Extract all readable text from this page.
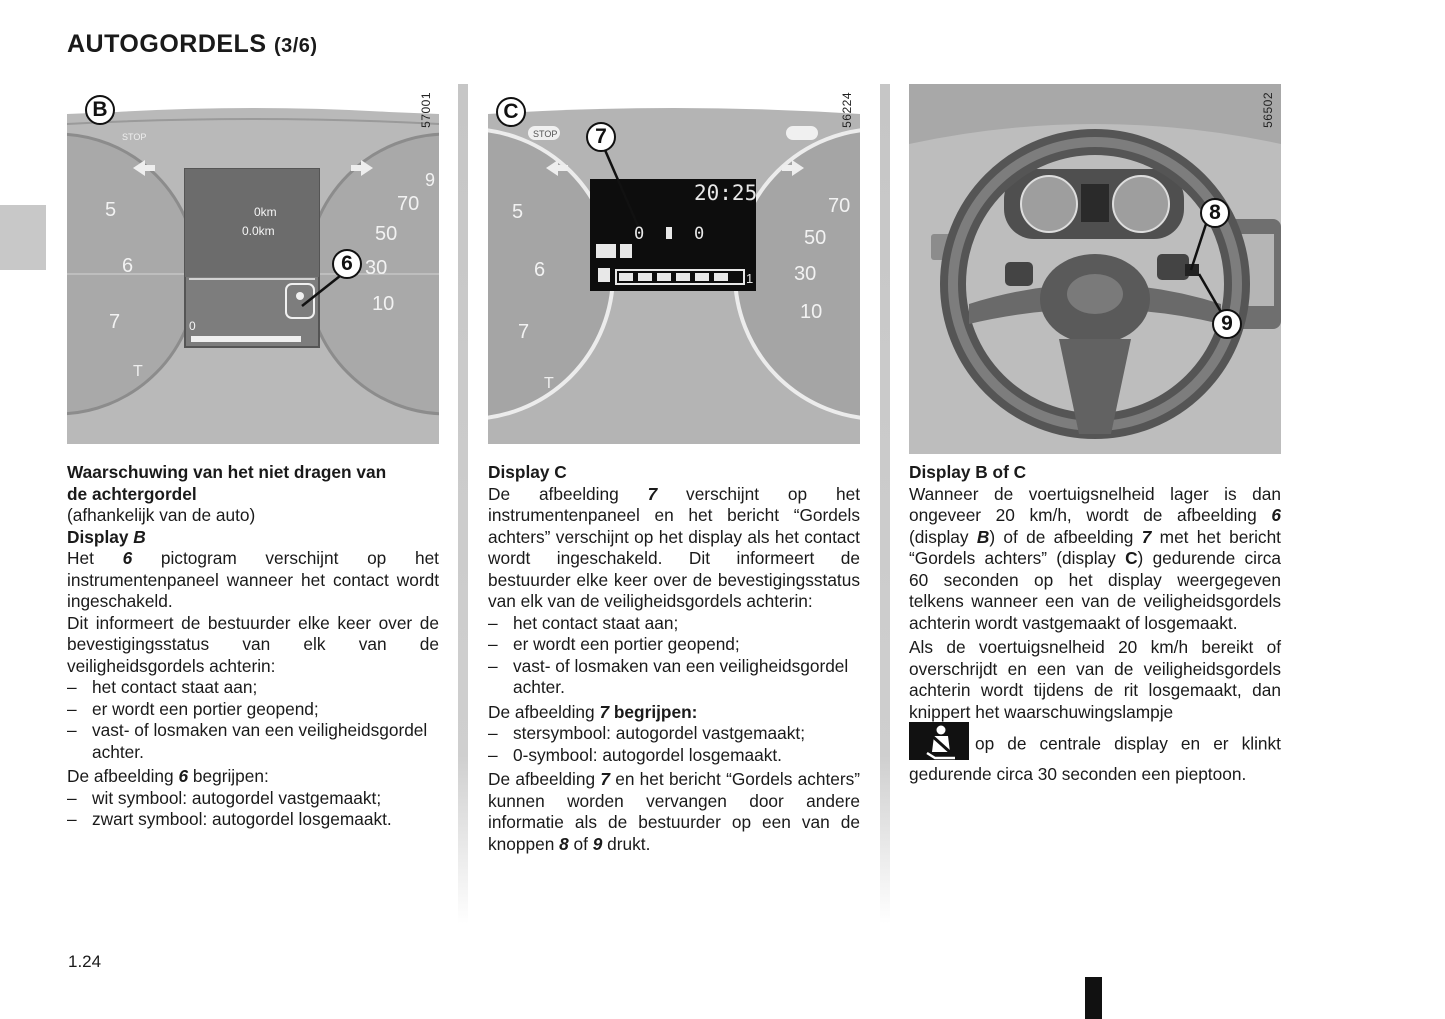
AUTOGORDELS (3/6)
5
6
7
STOP
T
9
70
50
30
10
0km
0.0km
0
B	57001
6

Waarschuwing van het niet dragen van

de achtergordel

(afhankelijk van de auto)

Display B

Het 6 pictogram verschijnt op het instrumentenpaneel wanneer het contact wordt ingeschakeld.

Dit informeert de bestuurder elke keer over de bevestigingsstatus van elk van de veiligheidsgordels achterin:

– het contact staat aan;
– er wordt een portier geopend;
– vast- of losmaken van een veiligheidsgordel achter.

De afbeelding 6 begrijpen:

– wit symbool: autogordel vastgemaakt;
– zwart symbool: autogordel losgemaakt.
STOP
5
6
7
T
70
50
30
10
20:25
0	0
1
C	56224
7

Display C

De afbeelding 7 verschijnt op het instrumentenpaneel en het bericht “Gordels achters” verschijnt op het display als het contact wordt ingeschakeld. Dit informeert de bestuurder elke keer over de bevestigingsstatus van elk van de veiligheidsgordels achterin:

– het contact staat aan;
– er wordt een portier geopend;
– vast- of losmaken van een veiligheidsgordel achter.

De afbeelding 7 begrijpen:

– stersymbool: autogordel vastgemaakt;
– 0-symbool: autogordel losgemaakt.

De afbeelding 7 en het bericht “Gordels achters” kunnen worden vervangen door andere informatie als de bestuurder op een van de knoppen 8 of 9 drukt.

56502
8
9

Display B of C

Wanneer de voertuigsnelheid lager is dan ongeveer 20 km/h, wordt de afbeelding 6 (display B) of de afbeelding 7 met het bericht “Gordels achters” (display C) gedurende circa 60 seconden op het display weergegeven telkens wanneer een van de veiligheidsgordels achterin wordt vastgemaakt of losgemaakt.

Als de voertuigsnelheid 20 km/h bereikt of overschrijdt en een van de veiligheidsgordels achterin wordt tijdens de rit losgemaakt, dan knippert het waarschuwingslampje

op de centrale display en er klinkt gedurende circa 30 seconden een pieptoon.

1.24
